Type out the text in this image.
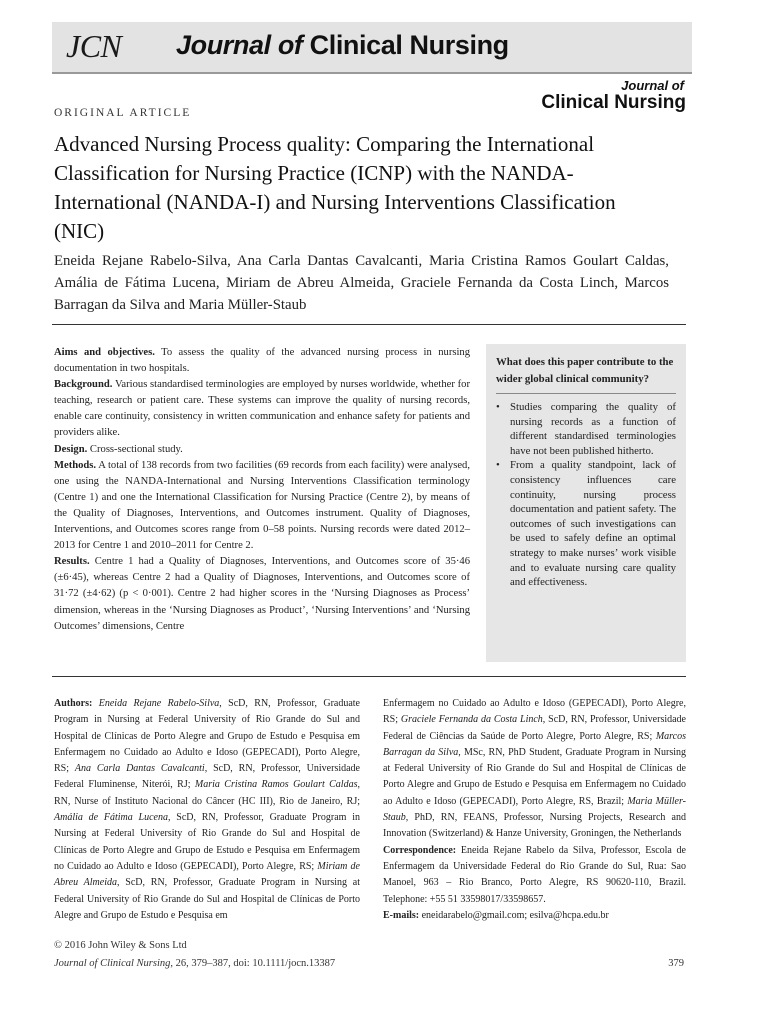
JCN Journal of Clinical Nursing
Journal of
Clinical Nursing
ORIGINAL ARTICLE
Advanced Nursing Process quality: Comparing the International Classification for Nursing Practice (ICNP) with the NANDA-International (NANDA-I) and Nursing Interventions Classification (NIC)
Eneida Rejane Rabelo-Silva, Ana Carla Dantas Cavalcanti, Maria Cristina Ramos Goulart Caldas, Amália de Fátima Lucena, Miriam de Abreu Almeida, Graciele Fernanda da Costa Linch, Marcos Barragan da Silva and Maria Müller-Staub

Aims and objectives. To assess the quality of the advanced nursing process in nursing documentation in two hospitals.

Background. Various standardised terminologies are employed by nurses worldwide, whether for teaching, research or patient care. These systems can improve the quality of nursing records, enable care continuity, consistency in written communication and enhance safety for patients and providers alike.

Design. Cross-sectional study.

Methods. A total of 138 records from two facilities (69 records from each facility) were analysed, one using the NANDA-International and Nursing Interventions Classification terminology (Centre 1) and one the International Classification for Nursing Practice (Centre 2), by means of the Quality of Diagnoses, Interventions, and Outcomes instrument. Quality of Diagnoses, Interventions, and Outcomes scores range from 0–58 points. Nursing records were dated 2012–2013 for Centre 1 and 2010–2011 for Centre 2.

Results. Centre 1 had a Quality of Diagnoses, Interventions, and Outcomes score of 35·46 (±6·45), whereas Centre 2 had a Quality of Diagnoses, Interventions, and Outcomes score of 31·72 (±4·62) (p < 0·001). Centre 2 had higher scores in the ‘Nursing Diagnoses as Process’ dimension, whereas in the ‘Nursing Diagnoses as Product’, ‘Nursing Interventions’ and ‘Nursing Outcomes’ dimensions, Centre

What does this paper contribute to the wider global clinical community?
• Studies comparing the quality of nursing records as a function of different standardised terminologies have not been published hitherto.
• From a quality standpoint, lack of consistency influences care continuity, nursing process documentation and patient safety. The outcomes of such investigations can be used to safely define an optimal strategy to make nurses’ work visible and to evaluate nursing care quality and effectiveness.

Authors: Eneida Rejane Rabelo-Silva, ScD, RN, Professor, Graduate Program in Nursing at Federal University of Rio Grande do Sul and Hospital de Clínicas de Porto Alegre and Grupo de Estudo e Pesquisa em Enfermagem no Cuidado ao Adulto e Idoso (GEPECADI), Porto Alegre, RS; Ana Carla Dantas Cavalcanti, ScD, RN, Professor, Universidade Federal Fluminense, Niterói, RJ; Maria Cristina Ramos Goulart Caldas, RN, Nurse of Instituto Nacional do Câncer (HC III), Rio de Janeiro, RJ; Amália de Fátima Lucena, ScD, RN, Professor, Graduate Program in Nursing at Federal University of Rio Grande do Sul and Hospital de Clínicas de Porto Alegre and Grupo de Estudo e Pesquisa em Enfermagem no Cuidado ao Adulto e Idoso (GEPECADI), Porto Alegre, RS; Miriam de Abreu Almeida, ScD, RN, Professor, Graduate Program in Nursing at Federal University of Rio Grande do Sul and Hospital de Clínicas de Porto Alegre and Grupo de Estudo e Pesquisa em

Enfermagem no Cuidado ao Adulto e Idoso (GEPECADI), Porto Alegre, RS; Graciele Fernanda da Costa Linch, ScD, RN, Professor, Universidade Federal de Ciências da Saúde de Porto Alegre, Porto Alegre, RS; Marcos Barragan da Silva, MSc, RN, PhD Student, Graduate Program in Nursing at Federal University of Rio Grande do Sul and Hospital de Clínicas de Porto Alegre and Grupo de Estudo e Pesquisa em Enfermagem no Cuidado ao Adulto e Idoso (GEPECADI), Porto Alegre, RS, Brazil; Maria Müller-Staub, PhD, RN, FEANS, Professor, Nursing Projects, Research and Innovation (Switzerland) & Hanze University, Groningen, the Netherlands

Correspondence: Eneida Rejane Rabelo da Silva, Professor, Escola de Enfermagem da Universidade Federal do Rio Grande do Sul, Rua: Sao Manoel, 963 – Rio Branco, Porto Alegre, RS 90620-110, Brazil. Telephone: +55 51 33598017/33598657.

E-mails: eneidarabelo@gmail.com; esilva@hcpa.edu.br

© 2016 John Wiley & Sons Ltd
Journal of Clinical Nursing, 26, 379–387, doi: 10.1111/jocn.13387	379
